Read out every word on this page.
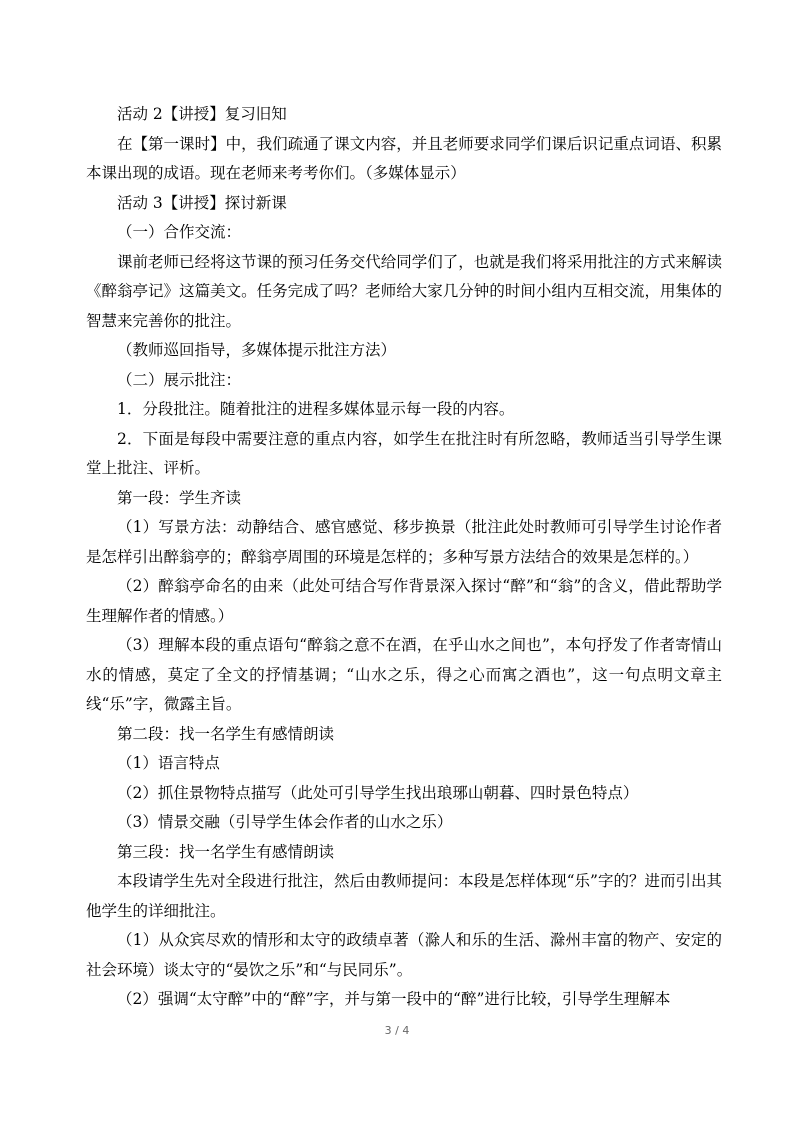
活动 2【讲授】复习旧知

在【第一课时】中，我们疏通了课文内容，并且老师要求同学们课后识记重点词语、积累本课出现的成语。现在老师来考考你们。（多媒体显示）

活动 3【讲授】探讨新课

（一）合作交流：

课前老师已经将这节课的预习任务交代给同学们了，也就是我们将采用批注的方式来解读《醉翁亭记》这篇美文。任务完成了吗？老师给大家几分钟的时间小组内互相交流，用集体的智慧来完善你的批注。

（教师巡回指导，多媒体提示批注方法）

（二）展示批注：

1．分段批注。随着批注的进程多媒体显示每一段的内容。

2．下面是每段中需要注意的重点内容，如学生在批注时有所忽略，教师适当引导学生课堂上批注、评析。

第一段：学生齐读

（1）写景方法：动静结合、感官感觉、移步换景（批注此处时教师可引导学生讨论作者是怎样引出醉翁亭的；醉翁亭周围的环境是怎样的；多种写景方法结合的效果是怎样的。）

（2）醉翁亭命名的由来（此处可结合写作背景深入探讨“醉”和“翁”的含义，借此帮助学生理解作者的情感。）

（3）理解本段的重点语句“醉翁之意不在酒，在乎山水之间也”，本句抒发了作者寄情山水的情感，莫定了全文的抒情基调；“山水之乐，得之心而寓之酒也”，这一句点明文章主线“乐”字，微露主旨。

第二段：找一名学生有感情朗读

（1）语言特点

（2）抓住景物特点描写（此处可引导学生找出琅琊山朝暮、四时景色特点）

（3）情景交融（引导学生体会作者的山水之乐）

第三段：找一名学生有感情朗读

本段请学生先对全段进行批注，然后由教师提问：本段是怎样体现“乐”字的？进而引出其他学生的详细批注。

（1）从众宾尽欢的情形和太守的政绩卓著（滁人和乐的生活、滁州丰富的物产、安定的社会环境）谈太守的“晏饮之乐”和“与民同乐”。

（2）强调“太守醉”中的“醉”字，并与第一段中的“醉”进行比较，引导学生理解本

3 / 4
